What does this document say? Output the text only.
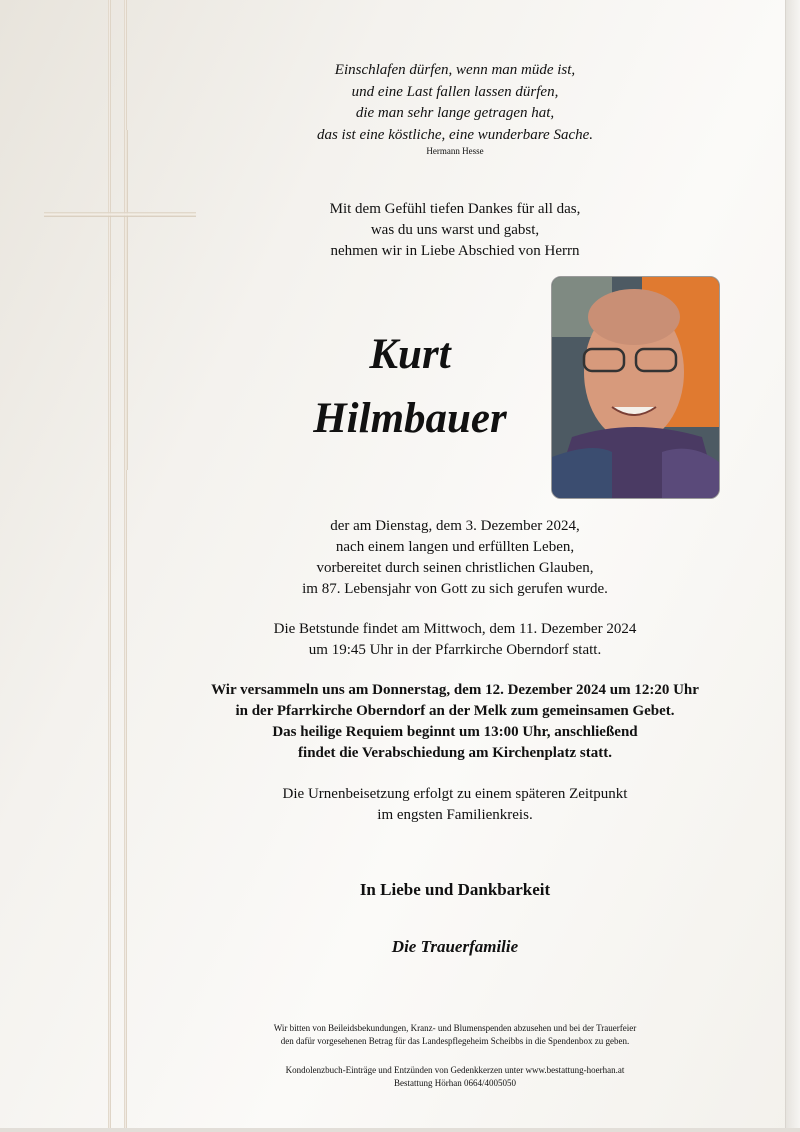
Einschlafen dürfen, wenn man müde ist,
und eine Last fallen lassen dürfen,
die man sehr lange getragen hat,
das ist eine köstliche, eine wunderbare Sache.
Hermann Hesse
Mit dem Gefühl tiefen Dankes für all das,
was du uns warst und gabst,
nehmen wir in Liebe Abschied von Herrn
Kurt
Hilmbauer
der am Dienstag, dem 3. Dezember 2024,
nach einem langen und erfüllten Leben,
vorbereitet durch seinen christlichen Glauben,
im 87. Lebensjahr von Gott zu sich gerufen wurde.
Die Betstunde findet am Mittwoch, dem 11. Dezember 2024
um 19:45 Uhr in der Pfarrkirche Oberndorf statt.
Wir versammeln uns am Donnerstag, dem 12. Dezember 2024 um 12:20 Uhr
in der Pfarrkirche Oberndorf an der Melk zum gemeinsamen Gebet.
Das heilige Requiem beginnt um 13:00 Uhr, anschließend
findet die Verabschiedung am Kirchenplatz statt.
Die Urnenbeisetzung erfolgt zu einem späteren Zeitpunkt
im engsten Familienkreis.
In Liebe und Dankbarkeit
Die Trauerfamilie
Wir bitten von Beileidsbekundungen, Kranz- und Blumenspenden abzusehen und bei der Trauerfeier
den dafür vorgesehenen Betrag für das Landespflegeheim Scheibbs in die Spendenbox zu geben.
Kondolenzbuch-Einträge und Entzünden von Gedenkkerzen unter www.bestattung-hoerhan.at
Bestattung Hörhan 0664/4005050
